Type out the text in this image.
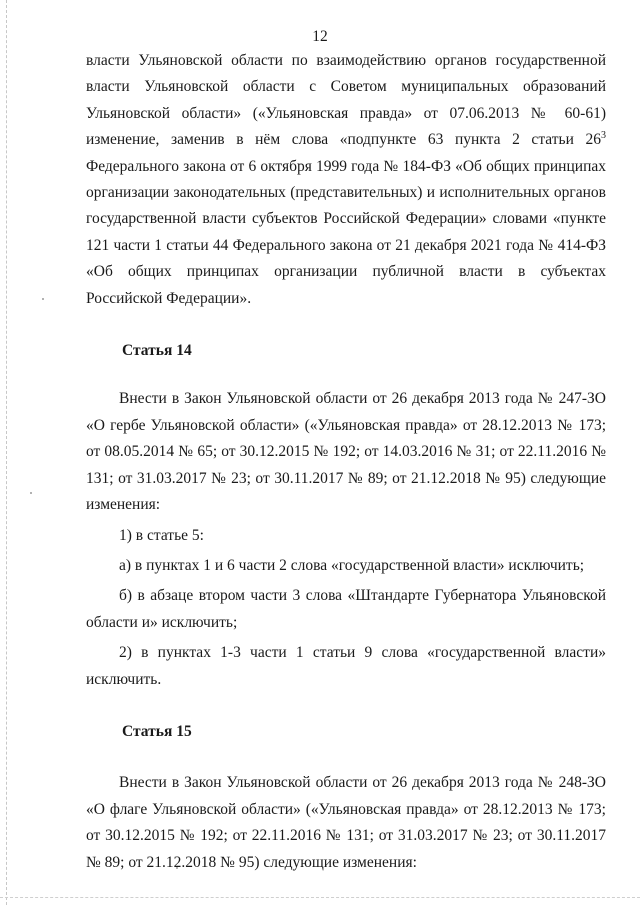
12

власти Ульяновской области по взаимодействию органов государственной власти Ульяновской области с Советом муниципальных образований Ульяновской области» («Ульяновская правда» от 07.06.2013 № 60-61) изменение, заменив в нём слова «подпункте 63 пункта 2 статьи $26^3$ Федерального закона от 6 октября 1999 года № 184-ФЗ «Об общих принципах организации законодательных (представительных) и исполнительных органов государственной власти субъектов Российской Федерации» словами «пункте 121 части 1 статьи 44 Федерального закона от 21 декабря 2021 года № 414-ФЗ «Об общих принципах организации публичной власти в субъектах Российской Федерации».

Статья 14

Внести в Закон Ульяновской области от 26 декабря 2013 года № 247-ЗО «О гербе Ульяновской области» («Ульяновская правда» от 28.12.2013 № 173; от 08.05.2014 № 65; от 30.12.2015 № 192; от 14.03.2016 № 31; от 22.11.2016 № 131; от 31.03.2017 № 23; от 30.11.2017 № 89; от 21.12.2018 № 95) следующие изменения:

1) в статье 5:

а) в пунктах 1 и 6 части 2 слова «государственной власти» исключить;

б) в абзаце втором части 3 слова «Штандарте Губернатора Ульяновской области и» исключить;

2) в пунктах 1-3 части 1 статьи 9 слова «государственной власти» исключить.

Статья 15

Внести в Закон Ульяновской области от 26 декабря 2013 года № 248-ЗО «О флаге Ульяновской области» («Ульяновская правда» от 28.12.2013 № 173; от 30.12.2015 № 192; от 22.11.2016 № 131; от 31.03.2017 № 23; от 30.11.2017 № 89; от 21.12.2018 № 95) следующие изменения:
